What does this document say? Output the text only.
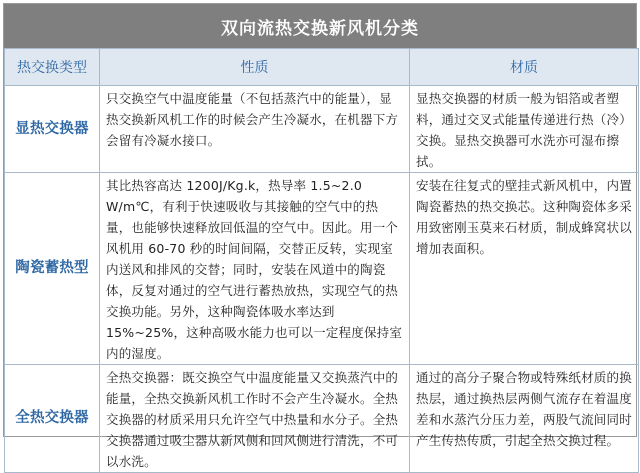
双向流热交换新风机分类
热交换类型	性质	材质
显热交换器	只交换空气中温度能量（不包括蒸汽中的能量），显热交换新风机工作的时候会产生冷凝水，在机器下方会留有冷凝水接口。	显热交换器的材质一般为铝箔或者塑料，通过交叉式能量传递进行热（冷）交换。显热交换器可水洗亦可湿布擦拭。
陶瓷蓄热型	其比热容高达 1200J/Kg.k，热导率 1.5~2.0 W/m℃，有利于快速吸收与其接触的空气中的热量，也能够快速释放回低温的空气中。因此。用一个风机用 60-70 秒的时间间隔，交替正反转，实现室内送风和排风的交替；同时，安装在风道中的陶瓷体，反复对通过的空气进行蓄热放热，实现空气的热交换功能。另外，这种陶瓷体吸水率达到 15%~25%，这种高吸水能力也可以一定程度保持室内的湿度。	安装在往复式的壁挂式新风机中，内置陶瓷蓄热的热交换芯。这种陶瓷体多采用致密刚玉莫来石材质，制成蜂窝状以增加表面积。
全热交换器	全热交换器：既交换空气中温度能量又交换蒸汽中的能量，全热交换新风机工作时不会产生冷凝水。全热交换器的材质采用只允许空气中热量和水分子。全热交换器通过吸尘器从新风侧和回风侧进行清洗，不可以水洗。	通过的高分子聚合物或特殊纸材质的换热层，通过换热层两侧气流存在着温度差和水蒸汽分压力差，两股气流间同时产生传热传质，引起全热交换过程。
